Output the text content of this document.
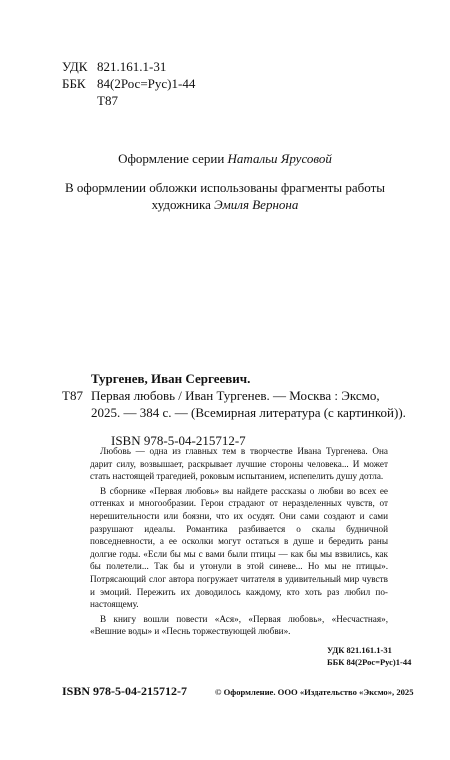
УДК 821.161.1-31
ББК 84(2Рос=Рус)1-44
Т87
Оформление серии Натальи Ярусовой
В оформлении обложки использованы фрагменты работы
художника Эмиля Вернона
Тургенев, Иван Сергеевич.
Т87 Первая любовь / Иван Тургенев. — Москва : Эксмо,
2025. — 384 с. — (Всемирная литература (с картинкой)).
ISBN 978-5-04-215712-7

Любовь — одна из главных тем в творчестве Ивана Тургенева. Она дарит силу, возвышает, раскрывает лучшие стороны человека... И может стать настоящей трагедией, роковым испытанием, испепелить душу дотла.

В сборнике «Первая любовь» вы найдете рассказы о любви во всех ее оттенках и многообразии. Герои страдают от неразделенных чувств, от нерешительности или боязни, что их осудят. Они сами создают и сами разрушают идеалы. Романтика разбивается о скалы будничной повседневности, а ее осколки могут остаться в душе и бередить раны долгие годы. «Если бы мы с вами были птицы — как бы мы взвились, как бы полетели... Так бы и утонули в этой синеве... Но мы не птицы». Потрясающий слог автора погружает читателя в удивительный мир чувств и эмоций. Пережить их доводилось каждому, кто хоть раз любил по-настоящему.

В книгу вошли повести «Ася», «Первая любовь», «Несчастная», «Вешние воды» и «Песнь торжествующей любви».

УДК 821.161.1-31
ББК 84(2Рос=Рус)1-44
ISBN 978-5-04-215712-7	© Оформление. ООО «Издательство «Эксмо», 2025
